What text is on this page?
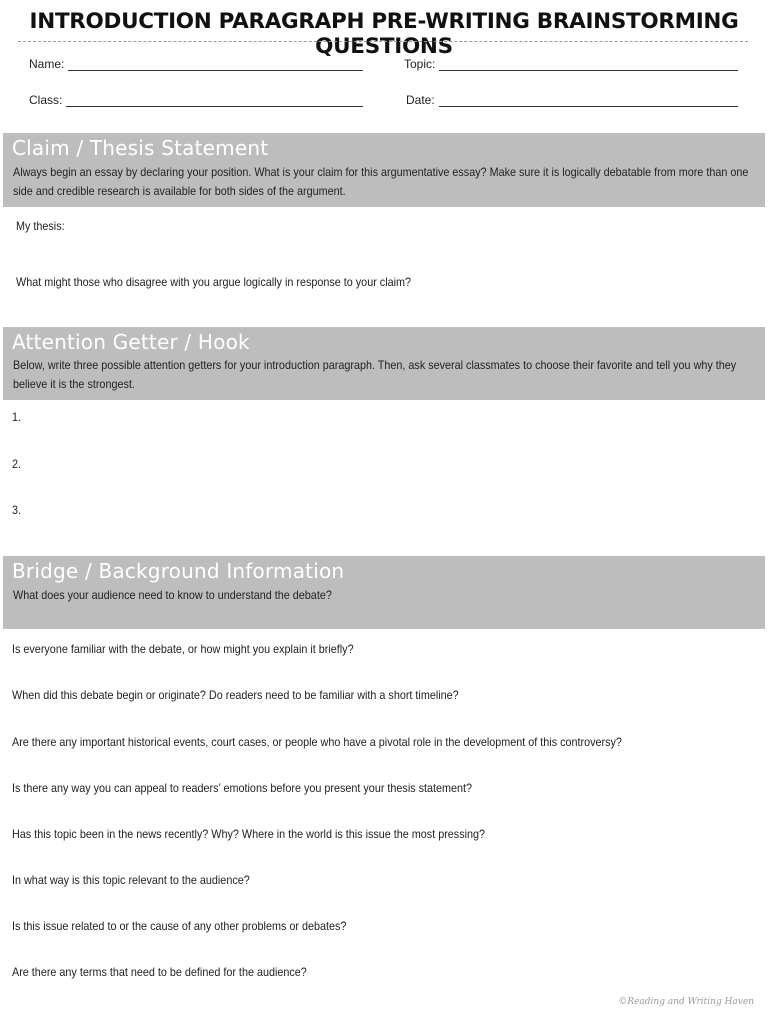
INTRODUCTION PARAGRAPH PRE-WRITING BRAINSTORMING QUESTIONS
Name:	Topic:
Class:	Date:
Claim / Thesis Statement
Always begin an essay by declaring your position. What is your claim for this argumentative essay? Make sure it is logically debatable from more than one side and credible research is available for both sides of the argument.
My thesis:
What might those who disagree with you argue logically in response to your claim?
Attention Getter / Hook
Below, write three possible attention getters for your introduction paragraph. Then, ask several classmates to choose their favorite and tell you why they believe it is the strongest.
1.
2.
3.
Bridge / Background Information
What does your audience need to know to understand the debate?
Is everyone familiar with the debate, or how might you explain it briefly?
When did this debate begin or originate? Do readers need to be familiar with a short timeline?
Are there any important historical events, court cases, or people who have a pivotal role in the development of this controversy?
Is there any way you can appeal to readers’ emotions before you present your thesis statement?
Has this topic been in the news recently? Why? Where in the world is this issue the most pressing?
In what way is this topic relevant to the audience?
Is this issue related to or the cause of any other problems or debates?
Are there any terms that need to be defined for the audience?
©Reading and Writing Haven
